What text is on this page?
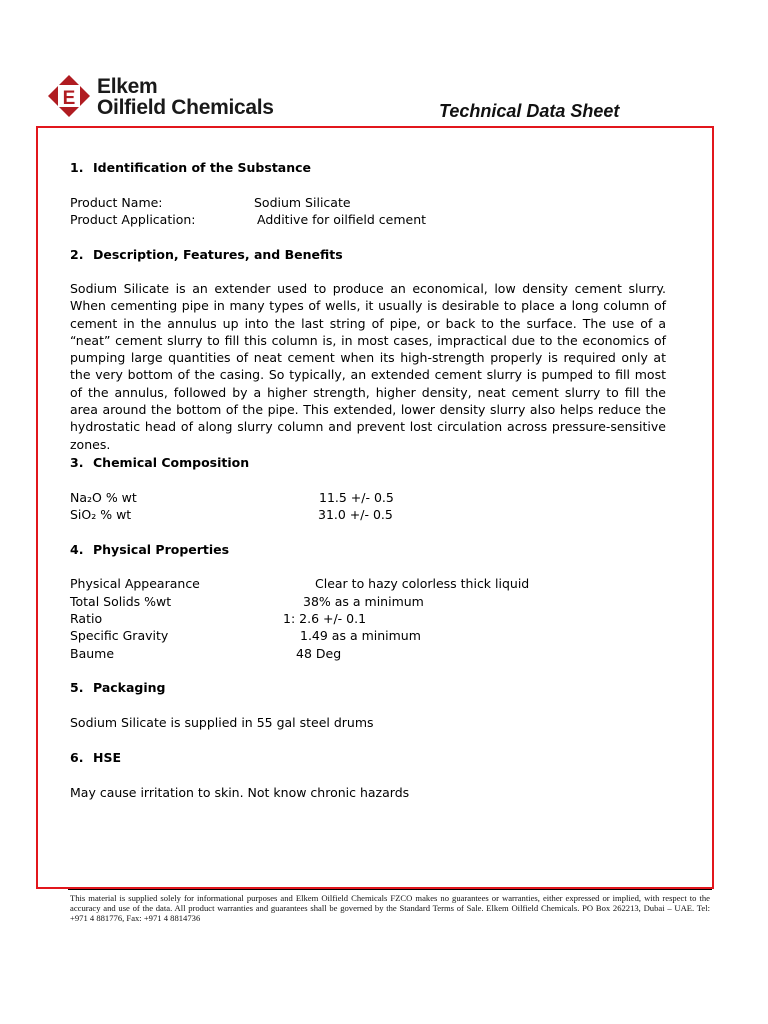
E
Elkem
Oilfield Chemicals	Technical Data Sheet
1. Identification of the Substance
Product Name:	Sodium Silicate
Product Application:	Additive for oilfield cement
2. Description, Features, and Benefits
Sodium Silicate is an extender used to produce an economical, low density cement slurry. When cementing pipe in many types of wells, it usually is desirable to place a long column of cement in the annulus up into the last string of pipe, or back to the surface. The use of a “neat” cement slurry to fill this column is, in most cases, impractical due to the economics of pumping large quantities of neat cement when its high-strength properly is required only at the very bottom of the casing. So typically, an extended cement slurry is pumped to fill most of the annulus, followed by a higher strength, higher density, neat cement slurry to fill the area around the bottom of the pipe. This extended, lower density slurry also helps reduce the hydrostatic head of along slurry column and prevent lost circulation across pressure-sensitive zones.
3. Chemical Composition
Na₂O % wt	11.5 +/- 0.5
SiO₂ % wt	31.0 +/- 0.5
4. Physical Properties
Physical Appearance	Clear to hazy colorless thick liquid
Total Solids %wt	38% as a minimum
Ratio	1: 2.6 +/- 0.1
Specific Gravity	1.49 as a minimum
Baume	48 Deg
5. Packaging
Sodium Silicate is supplied in 55 gal steel drums
6. HSE
May cause irritation to skin. Not know chronic hazards
This material is supplied solely for informational purposes and Elkem Oilfield Chemicals FZCO makes no guarantees or warranties, either expressed or implied, with respect to the accuracy and use of the data. All product warranties and guarantees shall be governed by the Standard Terms of Sale. Elkem Oilfield Chemicals. PO Box 262213, Dubai – UAE. Tel: +971 4 881776, Fax: +971 4 8814736
